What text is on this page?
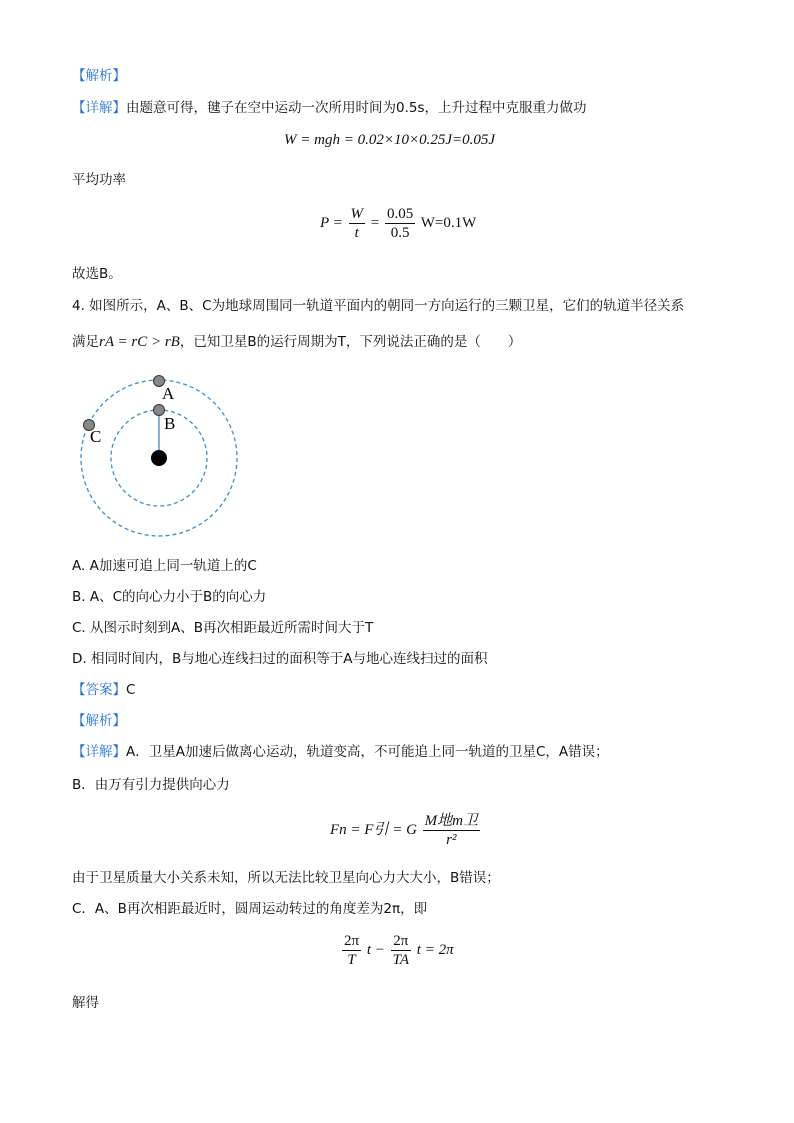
【解析】
【详解】由题意可得，毽子在空中运动一次所用时间为0.5s，上升过程中克服重力做功
W = mgh = 0.02×10×0.25J=0.05J
平均功率
$P = \frac{W}{t} = \frac{0.05}{0.5} W=0.1W$
故选B。
4. 如图所示，A、B、C为地球周围同一轨道平面内的朝同一方向运行的三颗卫星，它们的轨道半径关系
满足rA = rC > rB，已知卫星B的运行周期为T，下列说法正确的是（　　）
A
B
C
A. A加速可追上同一轨道上的C
B. A、C的向心力小于B的向心力
C. 从图示时刻到A、B再次相距最近所需时间大于T
D. 相同时间内，B与地心连线扫过的面积等于A与地心连线扫过的面积
【答案】C
【解析】
【详解】A．卫星A加速后做离心运动，轨道变高，不可能追上同一轨道的卫星C，A错误；
B．由万有引力提供向心力
Fn = F引 = G $\frac{\text{M地m卫}}{\text{r²}}$
由于卫星质量大小关系未知，所以无法比较卫星向心力大大小，B错误；
C．A、B再次相距最近时，圆周运动转过的角度差为2π，即
$\frac{2\pi}{T}$ $t - \frac{2\pi}{TA}$ t = 2π
解得
